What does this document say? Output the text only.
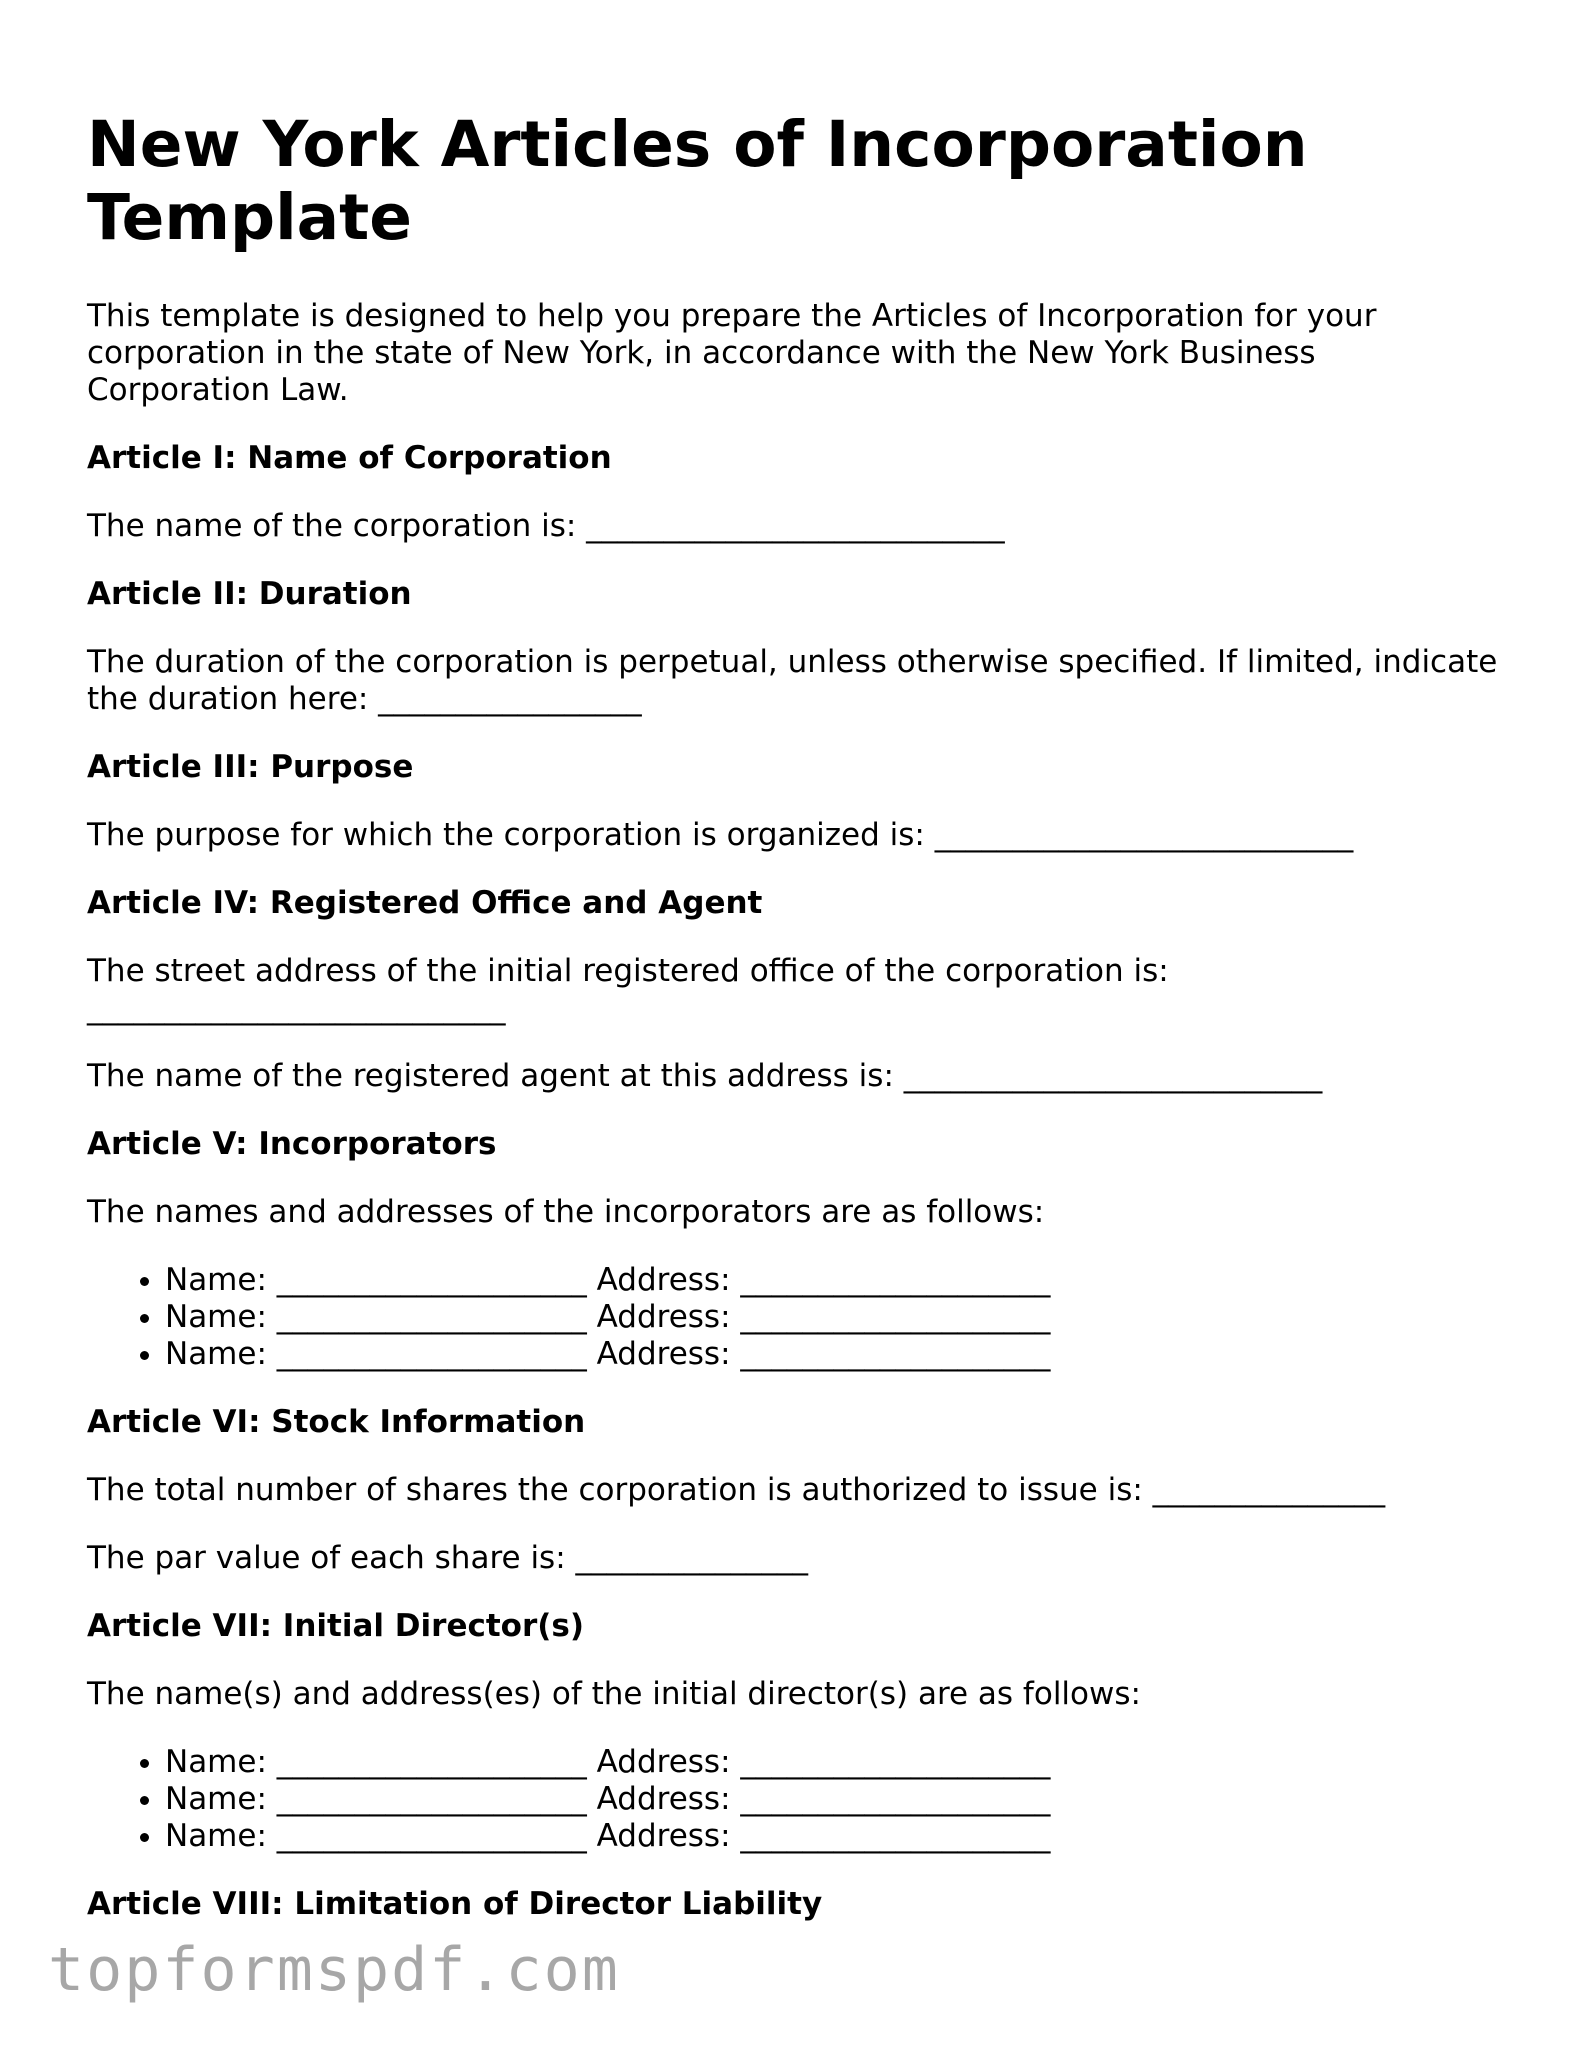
New York Articles of Incorporation Template

This template is designed to help you prepare the Articles of Incorporation for your corporation in the state of New York, in accordance with the New York Business Corporation Law.

Article I: Name of Corporation

The name of the corporation is: ___________________________

Article II: Duration

The duration of the corporation is perpetual, unless otherwise specified. If limited, indicate the duration here: _________________

Article III: Purpose

The purpose for which the corporation is organized is: ___________________________

Article IV: Registered Office and Agent

The street address of the initial registered office of the corporation is: ___________________________

The name of the registered agent at this address is: ___________________________

Article V: Incorporators

The names and addresses of the incorporators are as follows:

• Name: ____________________ Address: ____________________
• Name: ____________________ Address: ____________________
• Name: ____________________ Address: ____________________
Article VI: Stock Information

The total number of shares the corporation is authorized to issue is: _______________

The par value of each share is: _______________

Article VII: Initial Director(s)

The name(s) and address(es) of the initial director(s) are as follows:

• Name: ____________________ Address: ____________________
• Name: ____________________ Address: ____________________
• Name: ____________________ Address: ____________________
Article VIII: Limitation of Director Liability
topformspdf.com
